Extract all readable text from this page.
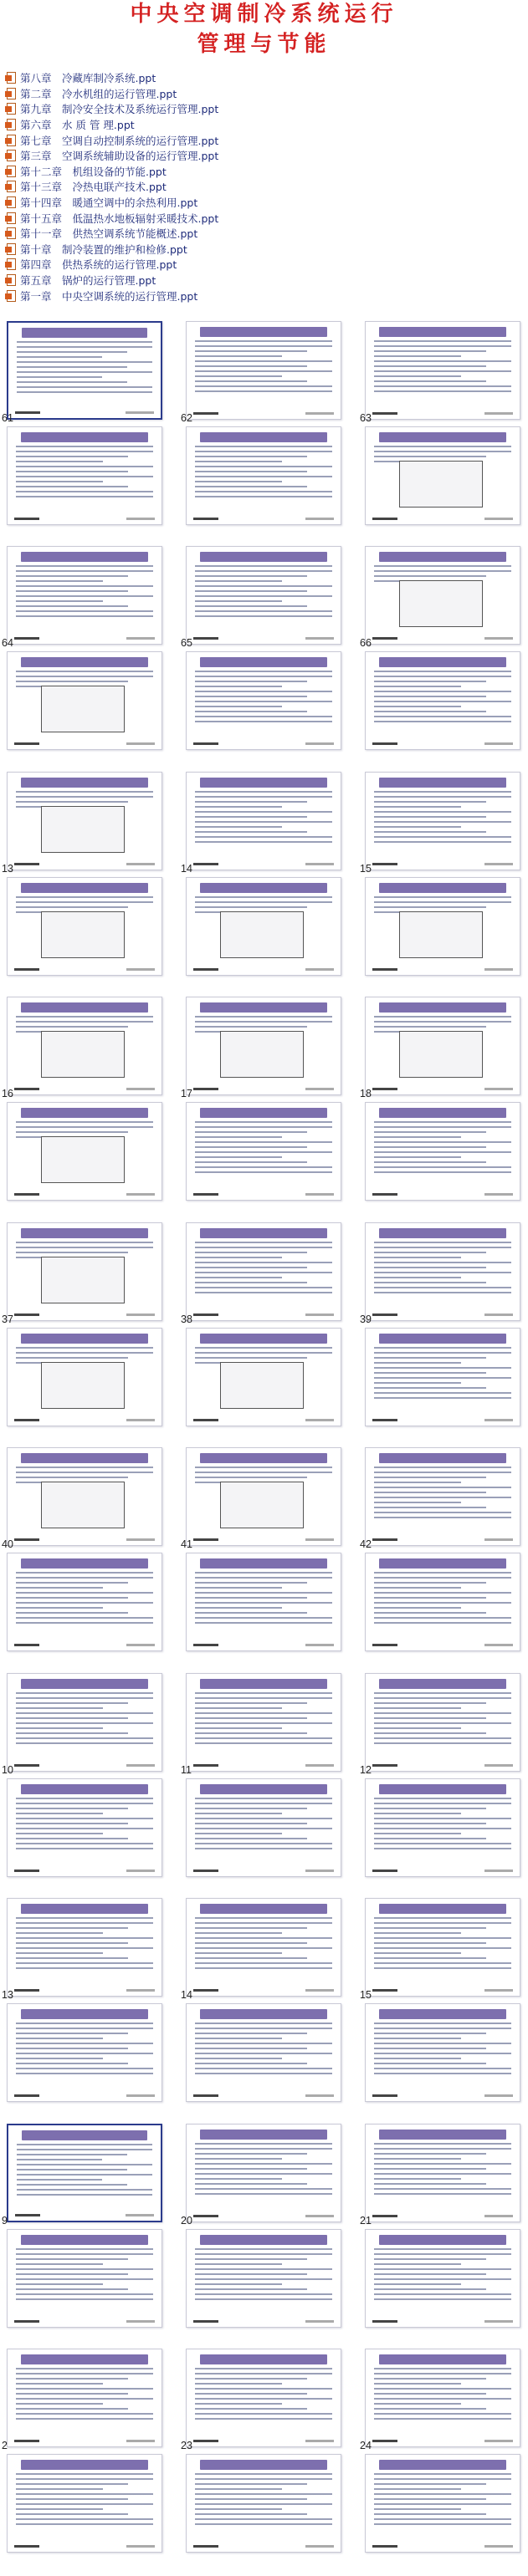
中央空调制冷系统运行
管理与节能
第八章　冷藏库制冷系统.ppt
第二章　冷水机组的运行管理.ppt
第九章　制冷安全技术及系统运行管理.ppt
第六章　水 质 管 理.ppt
第七章　空调自动控制系统的运行管理.ppt
第三章　空调系统辅助设备的运行管理.ppt
第十二章　机组设备的节能.ppt
第十三章　冷热电联产技术.ppt
第十四章　暖通空调中的余热利用.ppt
第十五章　低温热水地板辐射采暖技术.ppt
第十一章　供热空调系统节能概述.ppt
第十章　制冷装置的维护和检修.ppt
第四章　供热系统的运行管理.ppt
第五章　锅炉的运行管理.ppt
第一章　中央空调系统的运行管理.ppt
61	62	63
64	65	66
13	14	15
16	17	18
37	38	39
40	41	42
10	11	12
13	14	15
9	20	21
2	23	24
